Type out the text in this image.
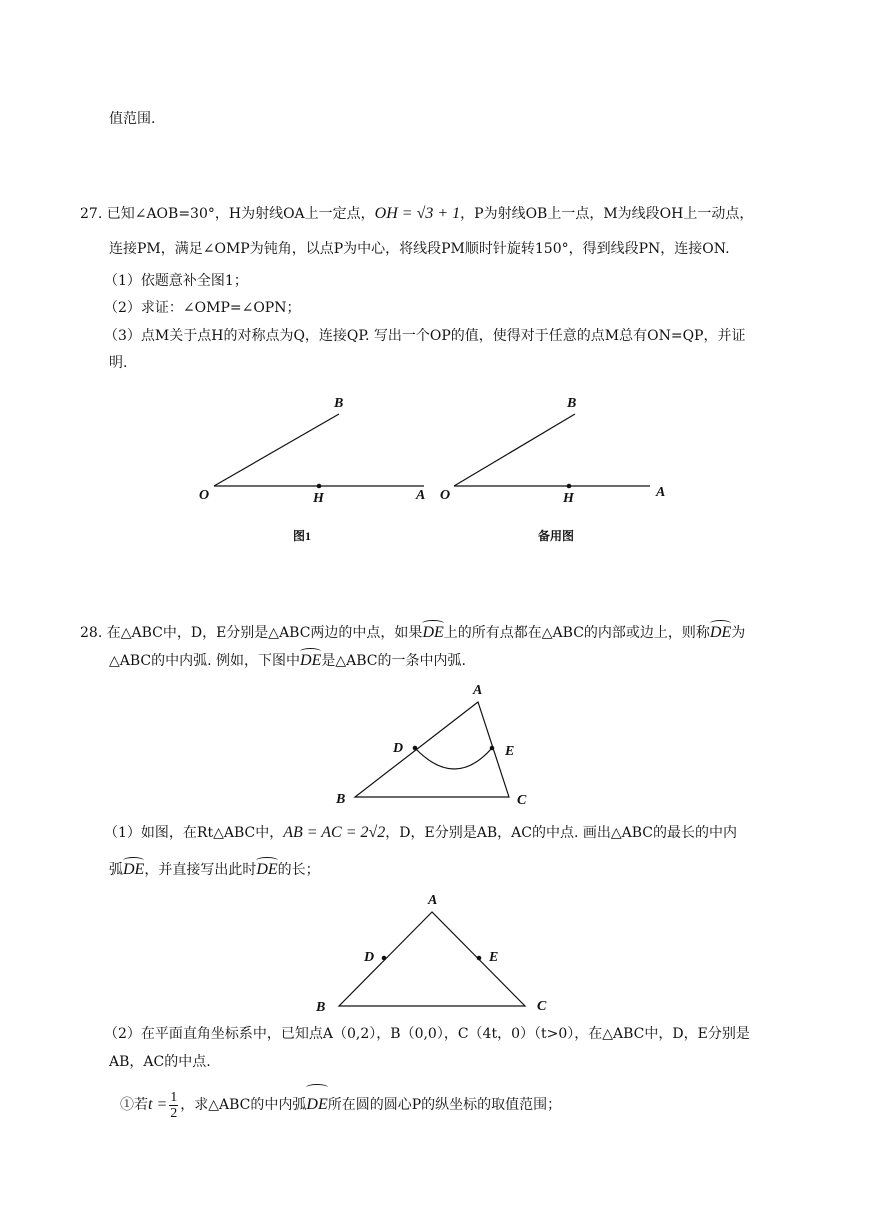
值范围.
27. 已知∠AOB=30°，H为射线OA上一定点，OH = √3 + 1，P为射线OB上一点，M为线段OH上一动点，
连接PM，满足∠OMP为钝角，以点P为中心，将线段PM顺时针旋转150°，得到线段PN，连接ON.
（1）依题意补全图1；
（2）求证：∠OMP=∠OPN；
（3）点M关于点H的对称点为Q，连接QP. 写出一个OP的值，使得对于任意的点M总有ON=QP，并证
明.
28. 在△ABC中，D，E分别是△ABC两边的中点，如果DE上的所有点都在△ABC的内部或边上，则称DE为
△ABC的中内弧. 例如，下图中DE是△ABC的一条中内弧.
（1）如图，在Rt△ABC中，AB = AC = 2√2，D，E分别是AB，AC的中点. 画出△ABC的最长的中内
弧DE，并直接写出此时DE的长；
（2）在平面直角坐标系中，已知点A（0,2），B（0,0），C（4t，0）（t>0），在△ABC中，D，E分别是
AB，AC的中点.
①若$t = \frac{1}{2}$ ，求△ABC的中内弧DE所在圆的圆心P的纵坐标的取值范围；
O	H	A
B
图1
O	H	A
B
备用图
A
D	E
B	C
A
D	E
B	C
